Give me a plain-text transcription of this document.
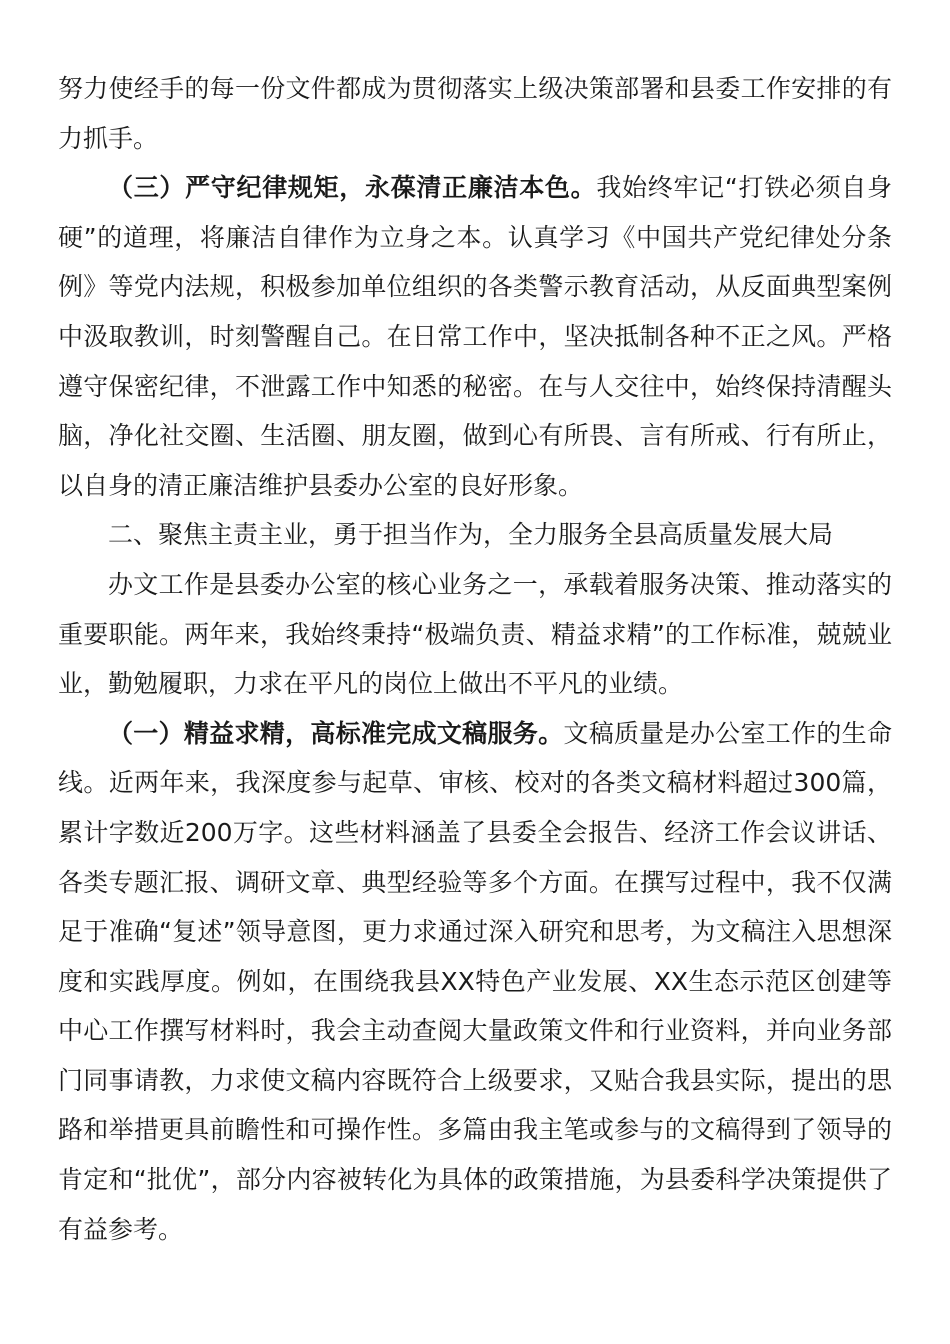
努力使经手的每一份文件都成为贯彻落实上级决策部署和县委工作安排的有力抓手。

（三）严守纪律规矩，永葆清正廉洁本色。我始终牢记“打铁必须自身硬”的道理，将廉洁自律作为立身之本。认真学习《中国共产党纪律处分条例》等党内法规，积极参加单位组织的各类警示教育活动，从反面典型案例中汲取教训，时刻警醒自己。在日常工作中，坚决抵制各种不正之风。严格遵守保密纪律，不泄露工作中知悉的秘密。在与人交往中，始终保持清醒头脑，净化社交圈、生活圈、朋友圈，做到心有所畏、言有所戒、行有所止，以自身的清正廉洁维护县委办公室的良好形象。

二、聚焦主责主业，勇于担当作为，全力服务全县高质量发展大局

办文工作是县委办公室的核心业务之一，承载着服务决策、推动落实的重要职能。两年来，我始终秉持“极端负责、精益求精”的工作标准，兢兢业业，勤勉履职，力求在平凡的岗位上做出不平凡的业绩。

（一）精益求精，高标准完成文稿服务。文稿质量是办公室工作的生命线。近两年来，我深度参与起草、审核、校对的各类文稿材料超过300篇，累计字数近200万字。这些材料涵盖了县委全会报告、经济工作会议讲话、各类专题汇报、调研文章、典型经验等多个方面。在撰写过程中，我不仅满足于准确“复述”领导意图，更力求通过深入研究和思考，为文稿注入思想深度和实践厚度。例如，在围绕我县XX特色产业发展、XX生态示范区创建等中心工作撰写材料时，我会主动查阅大量政策文件和行业资料，并向业务部门同事请教，力求使文稿内容既符合上级要求，又贴合我县实际，提出的思路和举措更具前瞻性和可操作性。多篇由我主笔或参与的文稿得到了领导的肯定和“批优”，部分内容被转化为具体的政策措施，为县委科学决策提供了有益参考。
